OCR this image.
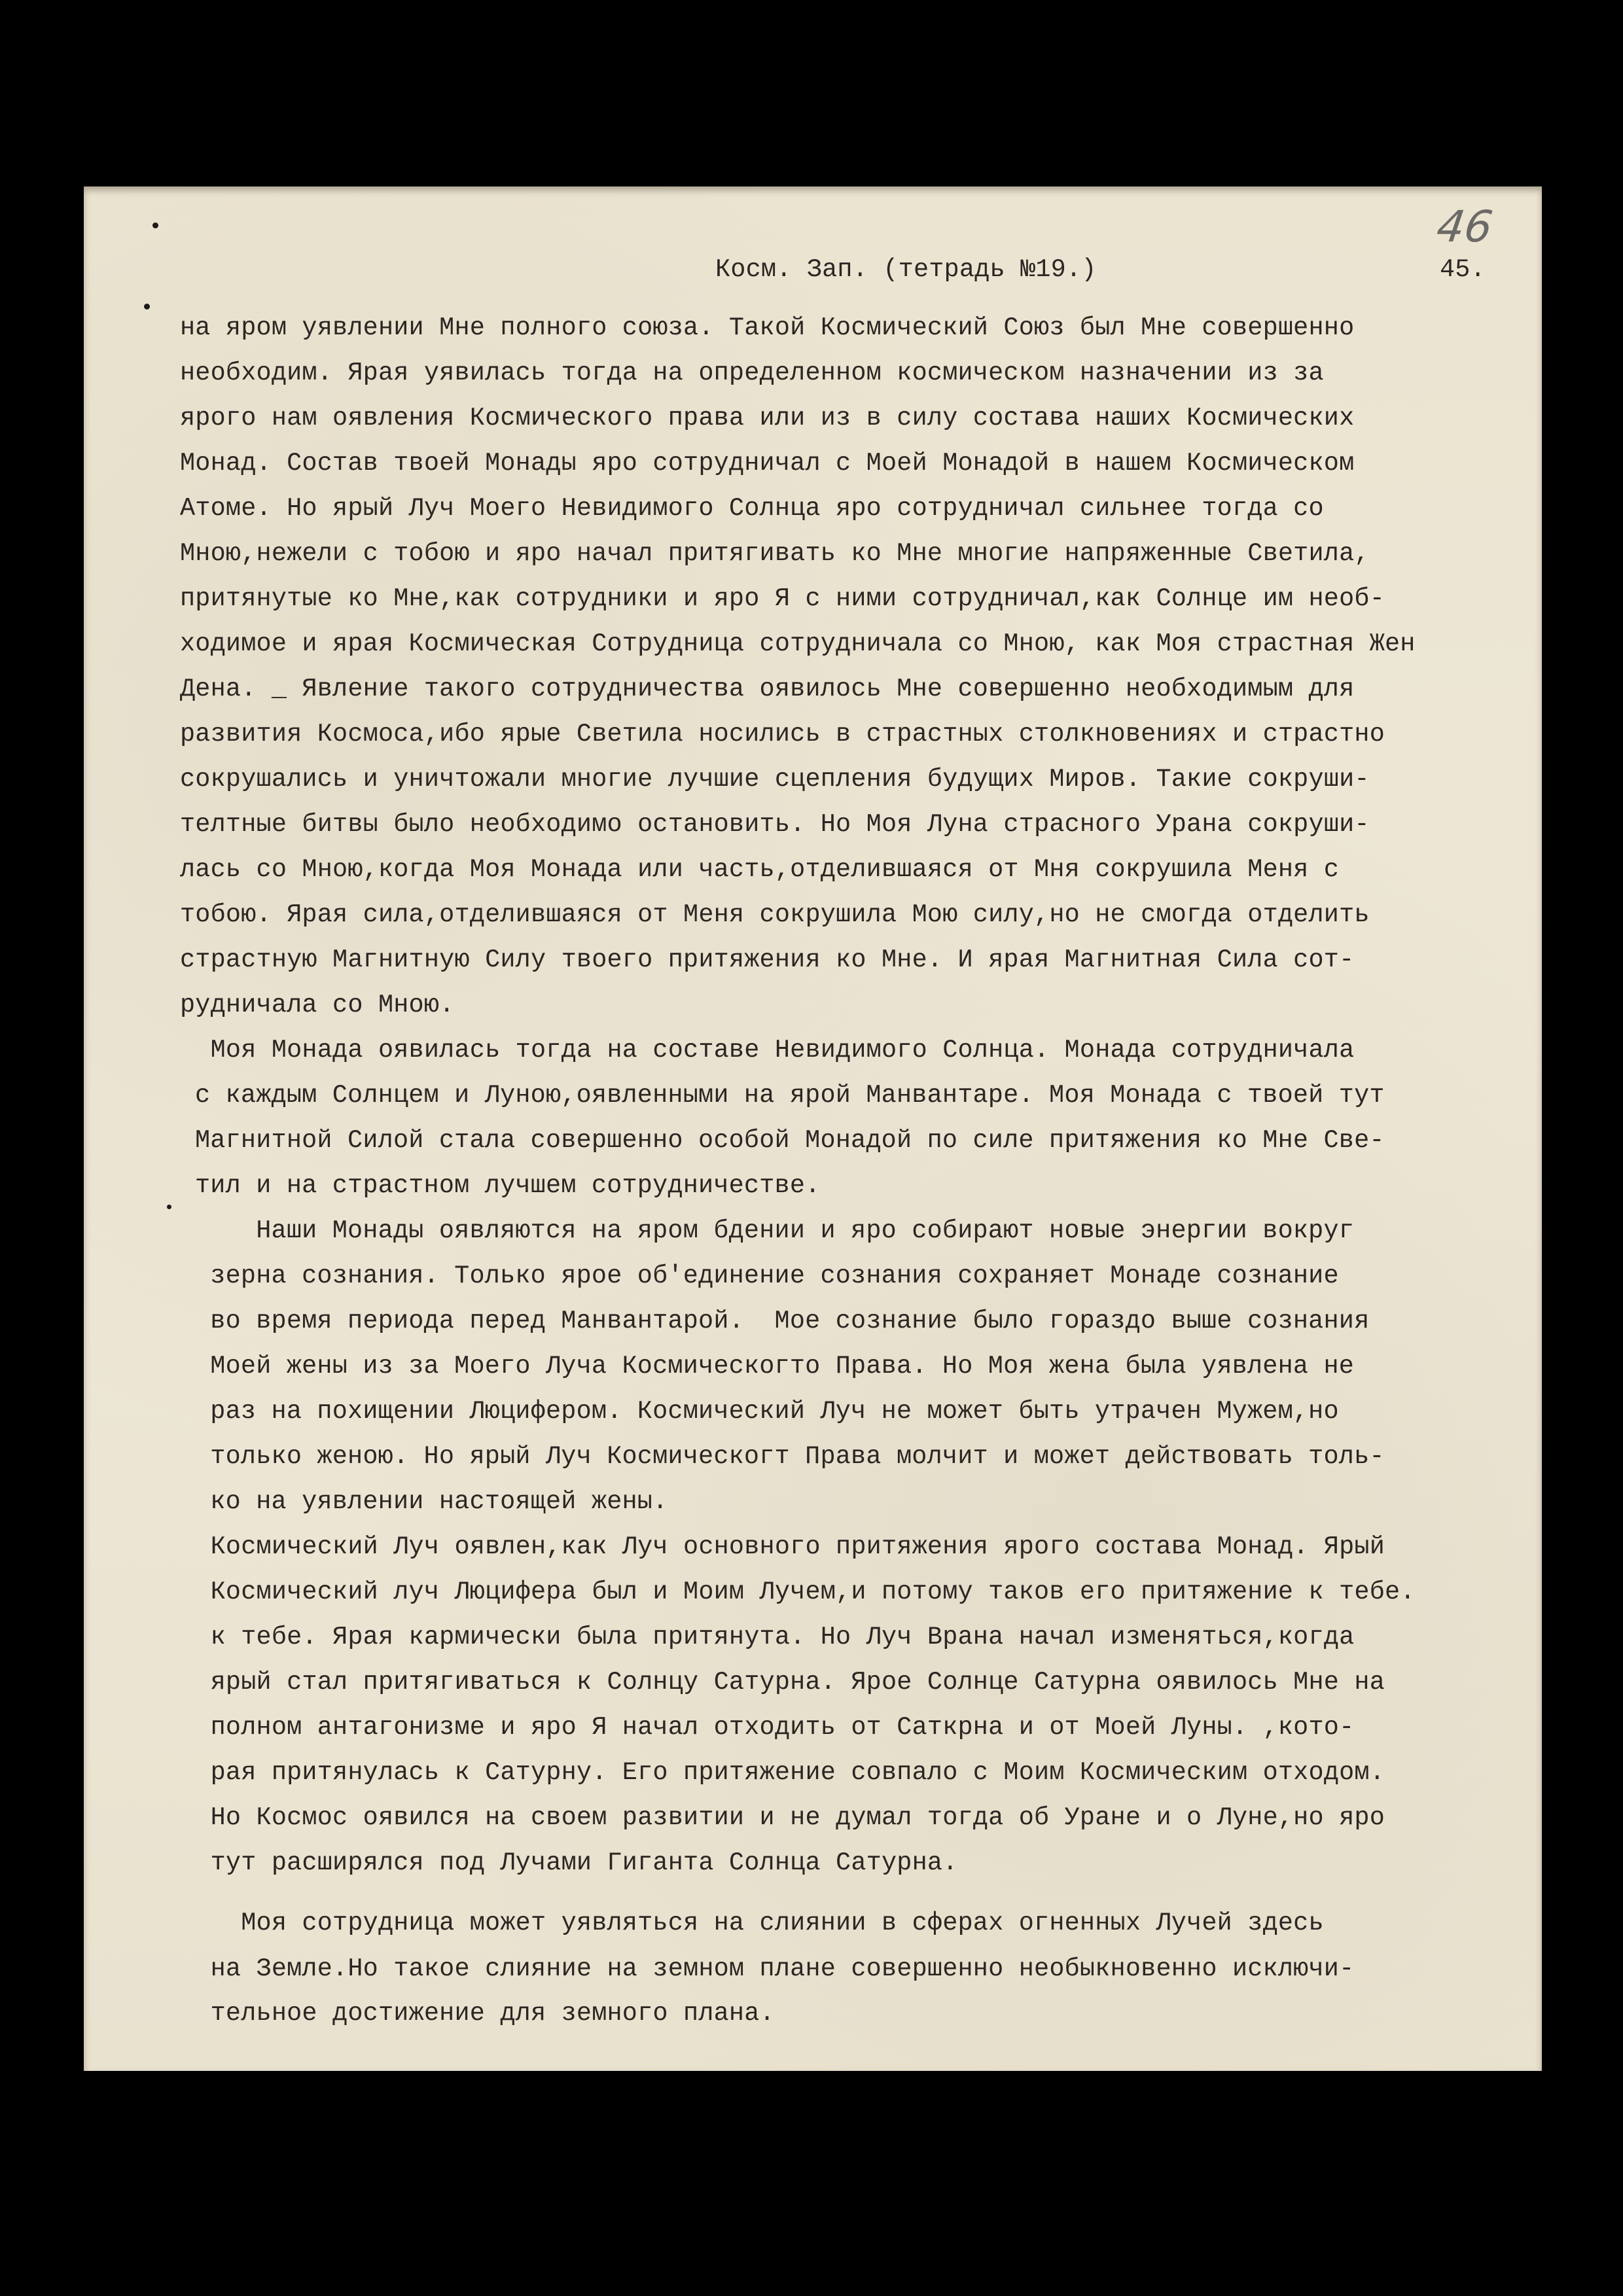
46
Косм. Зап. (тетрадь №19.)	45.
на яром уявлении Мне полного союза. Такой Космический Союз был Мне совершенно
необходим. Ярая уявилась тогда на определенном космическом назначении из за
ярого нам оявления Космического права или из в силу состава наших Космических
Монад. Состав твоей Монады яро сотрудничал с Моей Монадой в нашем Космическом
Атоме. Но ярый Луч Моего Невидимого Солнца яро сотрудничал сильнее тогда со
Мною,нежели с тобою и яро начал притягивать ко Мне многие напряженные Светила,
притянутые ко Мне,как сотрудники и яро Я с ними сотрудничал,как Солнце им необ-
ходимое и ярая Космическая Сотрудница сотрудничала со Мною, как Моя страстная Жен
Дена. _ Явление такого сотрудничества оявилось Мне совершенно необходимым для
развития Космоса,ибо ярые Светила носились в страстных столкновениях и страстно
сокрушались и уничтожали многие лучшие сцепления будущих Миров. Такие сокруши-
телтные битвы было необходимо остановить. Но Моя Луна страсного Урана сокруши-
лась со Мною,когда Моя Монада или часть,отделившаяся от Мня сокрушила Меня с
тобою. Ярая сила,отделившаяся от Меня сокрушила Мою силу,но не смогда отделить
страстную Магнитную Силу твоего притяжения ко Мне. И ярая Магнитная Сила сот-
рудничала со Мною.
Моя Монада оявилась тогда на составе Невидимого Солнца. Монада сотрудничала
с каждым Солнцем и Луною,оявленными на ярой Манвантаре. Моя Монада с твоей тут
Магнитной Силой стала совершенно особой Монадой по силе притяжения ко Мне Све-
тил и на страстном лучшем сотрудничестве.
Наши Монады оявляются на яром бдении и яро собирают новые энергии вокруг
зерна сознания. Только ярое об'единение сознания сохраняет Монаде сознание
во время периода перед Манвантарой.  Мое сознание было гораздо выше сознания
Моей жены из за Моего Луча Космическогто Права. Но Моя жена была уявлена не
раз на похищении Люцифером. Космический Луч не может быть утрачен Мужем,но
только женою. Но ярый Луч Космическогт Права молчит и может действовать толь-
ко на уявлении настоящей жены.
Космический Луч оявлен,как Луч основного притяжения ярого состава Монад. Ярый
Космический луч Люцифера был и Моим Лучем,и потому таков его притяжение к тебе.
к тебе. Ярая кармически была притянута. Но Луч Врана начал изменяться,когда
ярый стал притягиваться к Солнцу Сатурна. Ярое Солнце Сатурна оявилось Мне на
полном антагонизме и яро Я начал отходить от Саткрна и от Моей Луны. ,кото-
рая притянулась к Сатурну. Его притяжение совпало с Моим Космическим отходом.
Но Космос оявился на своем развитии и не думал тогда об Уране и о Луне,но яро
тут расширялся под Лучами Гиганта Солнца Сатурна.
Моя сотрудница может уявляться на слиянии в сферах огненных Лучей здесь
на Земле.Но такое слияние на земном плане совершенно необыкновенно исключи-
тельное достижение для земного плана.
